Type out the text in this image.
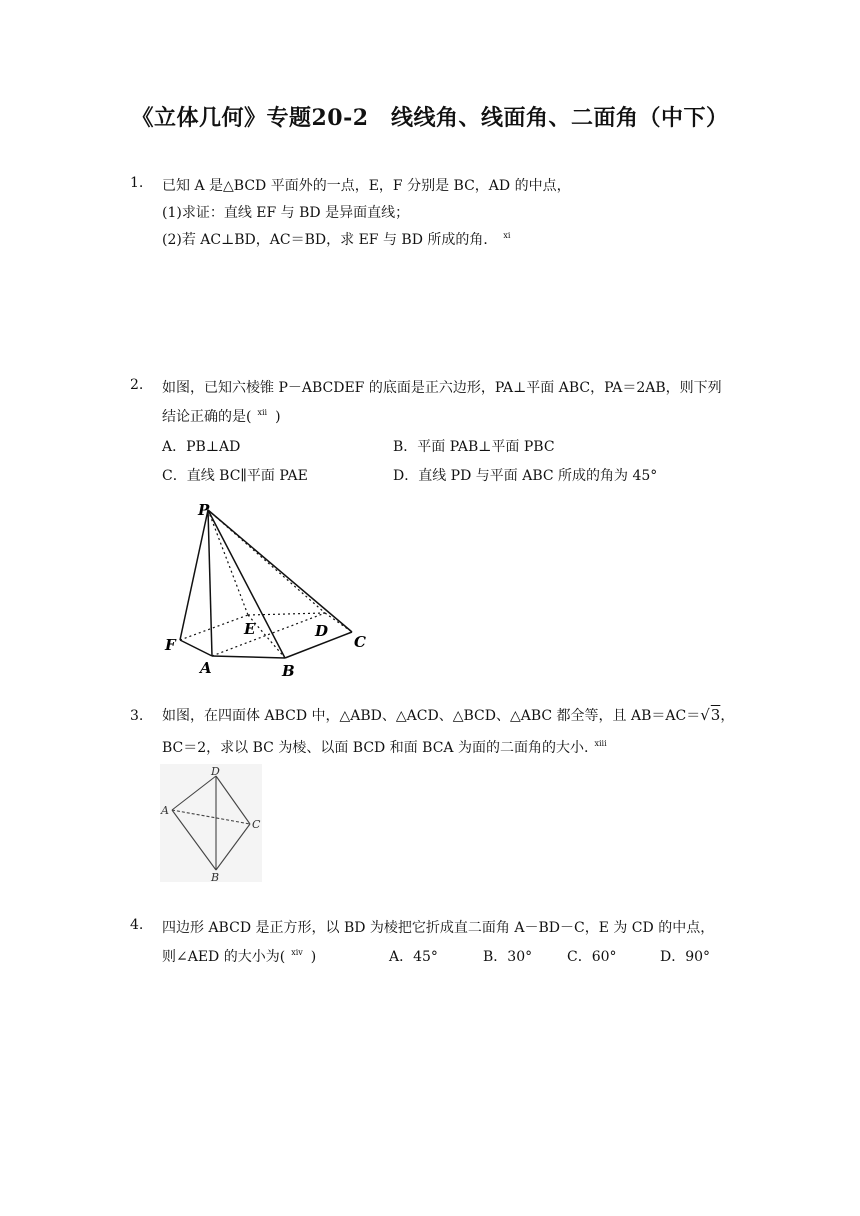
《立体几何》专题20-2　线线角、线面角、二面角（中下）
1. 已知 A 是△BCD 平面外的一点，E，F 分别是 BC，AD 的中点，
(1)求证：直线 EF 与 BD 是异面直线；
(2)若 AC⊥BD，AC＝BD，求 EF 与 BD 所成的角． $^{xi}$
2. 如图，已知六棱锥 P－ABCDEF 的底面是正六边形，PA⊥平面 ABC，PA＝2AB，则下列
结论正确的是( $^{xii}$ )
A．PB⊥AD	B．平面 PAB⊥平面 PBC
C．直线 BC∥平面 PAE	D．直线 PD 与平面 ABC 所成的角为 45°
P
F
E	D
C
A	B
3. 如图，在四面体 ABCD 中，△ABD、△ACD、△BCD、△ABC 都全等，且 AB＝AC＝√3，
BC＝2，求以 BC 为棱、以面 BCD 和面 BCA 为面的二面角的大小. $^{xiii}$
D
A
C
B
4. 四边形 ABCD 是正方形，以 BD 为棱把它折成直二面角 A－BD－C，E 为 CD 的中点，
则∠AED 的大小为( $^{xiv}$ )	A．45°	B．30° C．60°	D．90°
